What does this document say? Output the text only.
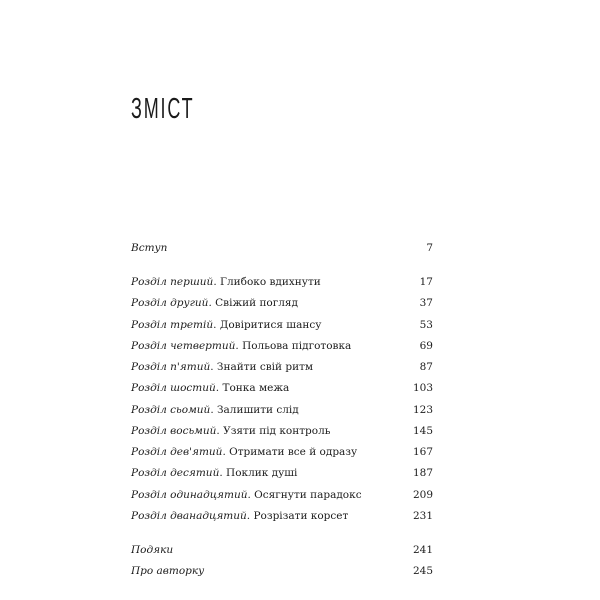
ЗМІСТ
Вступ	7
Розділ перший. Глибоко вдихнути	17
Розділ другий. Свіжий погляд	37
Розділ третій. Довіритися шансу	53
Розділ четвертий. Польова підготовка	69
Розділ п'ятий. Знайти свій ритм	87
Розділ шостий. Тонка межа	103
Розділ сьомий. Залишити слід	123
Розділ восьмий. Узяти під контроль	145
Розділ дев'ятий. Отримати все й одразу	167
Розділ десятий. Поклик душі	187
Розділ одинадцятий. Осягнути парадокс	209
Розділ дванадцятий. Розрізати корсет	231
Подяки	241
Про авторку	245
